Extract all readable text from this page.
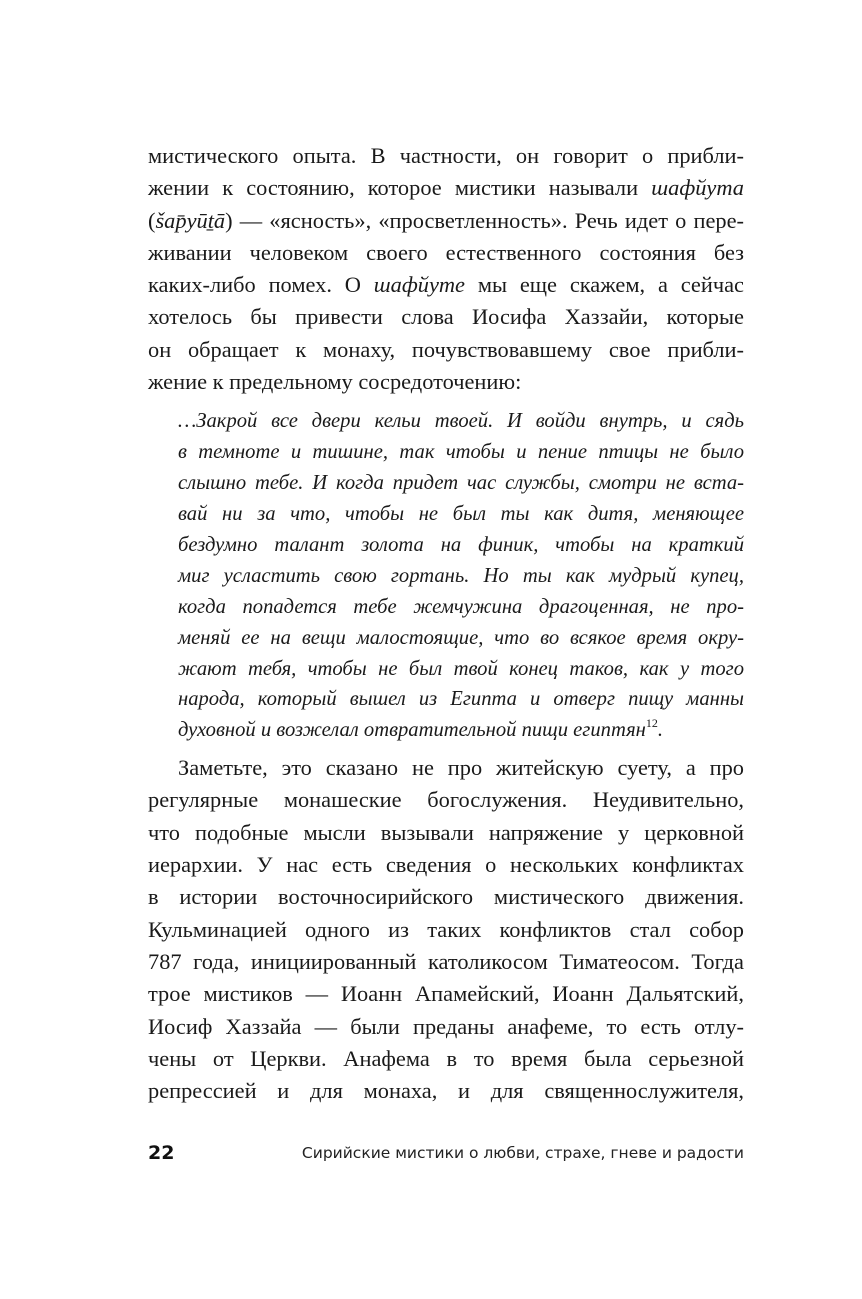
мистического опыта. В частности, он говорит о прибли-
жении к состоянию, которое мистики называли шафйута
(šap̄yūṯā) — «ясность», «просветленность». Речь идет о пере-
живании человеком своего естественного состояния без
каких-либо помех. О шафйуте мы еще скажем, а сейчас
хотелось бы привести слова Иосифа Хаззайи, которые
он обращает к монаху, почувствовавшему свое прибли-
жение к предельному сосредоточению:
…Закрой все двери кельи твоей. И войди внутрь, и сядь
в темноте и тишине, так чтобы и пение птицы не было
слышно тебе. И когда придет час службы, смотри не вста-
вай ни за что, чтобы не был ты как дитя, меняющее
бездумно талант золота на финик, чтобы на краткий
миг усластить свою гортань. Но ты как мудрый купец,
когда попадется тебе жемчужина драгоценная, не про-
меняй ее на вещи малостоящие, что во всякое время окру-
жают тебя, чтобы не был твой конец таков, как у того
народа, который вышел из Египта и отверг пищу манны
духовной и возжелал отвратительной пищи египтян$^{12}$.
Заметьте, это сказано не про житейскую суету, а про
регулярные монашеские богослужения. Неудивительно,
что подобные мысли вызывали напряжение у церковной
иерархии. У нас есть сведения о нескольких конфликтах
в истории восточносирийского мистического движения.
Кульминацией одного из таких конфликтов стал собор
787 года, инициированный католикосом Тиматеосом. Тогда
трое мистиков — Иоанн Апамейский, Иоанн Дальятский,
Иосиф Хаззайа — были преданы анафеме, то есть отлу-
чены от Церкви. Анафема в то время была серьезной
репрессией и для монаха, и для священнослужителя,
22	Сирийские мистики о любви, страхе, гневе и радости
